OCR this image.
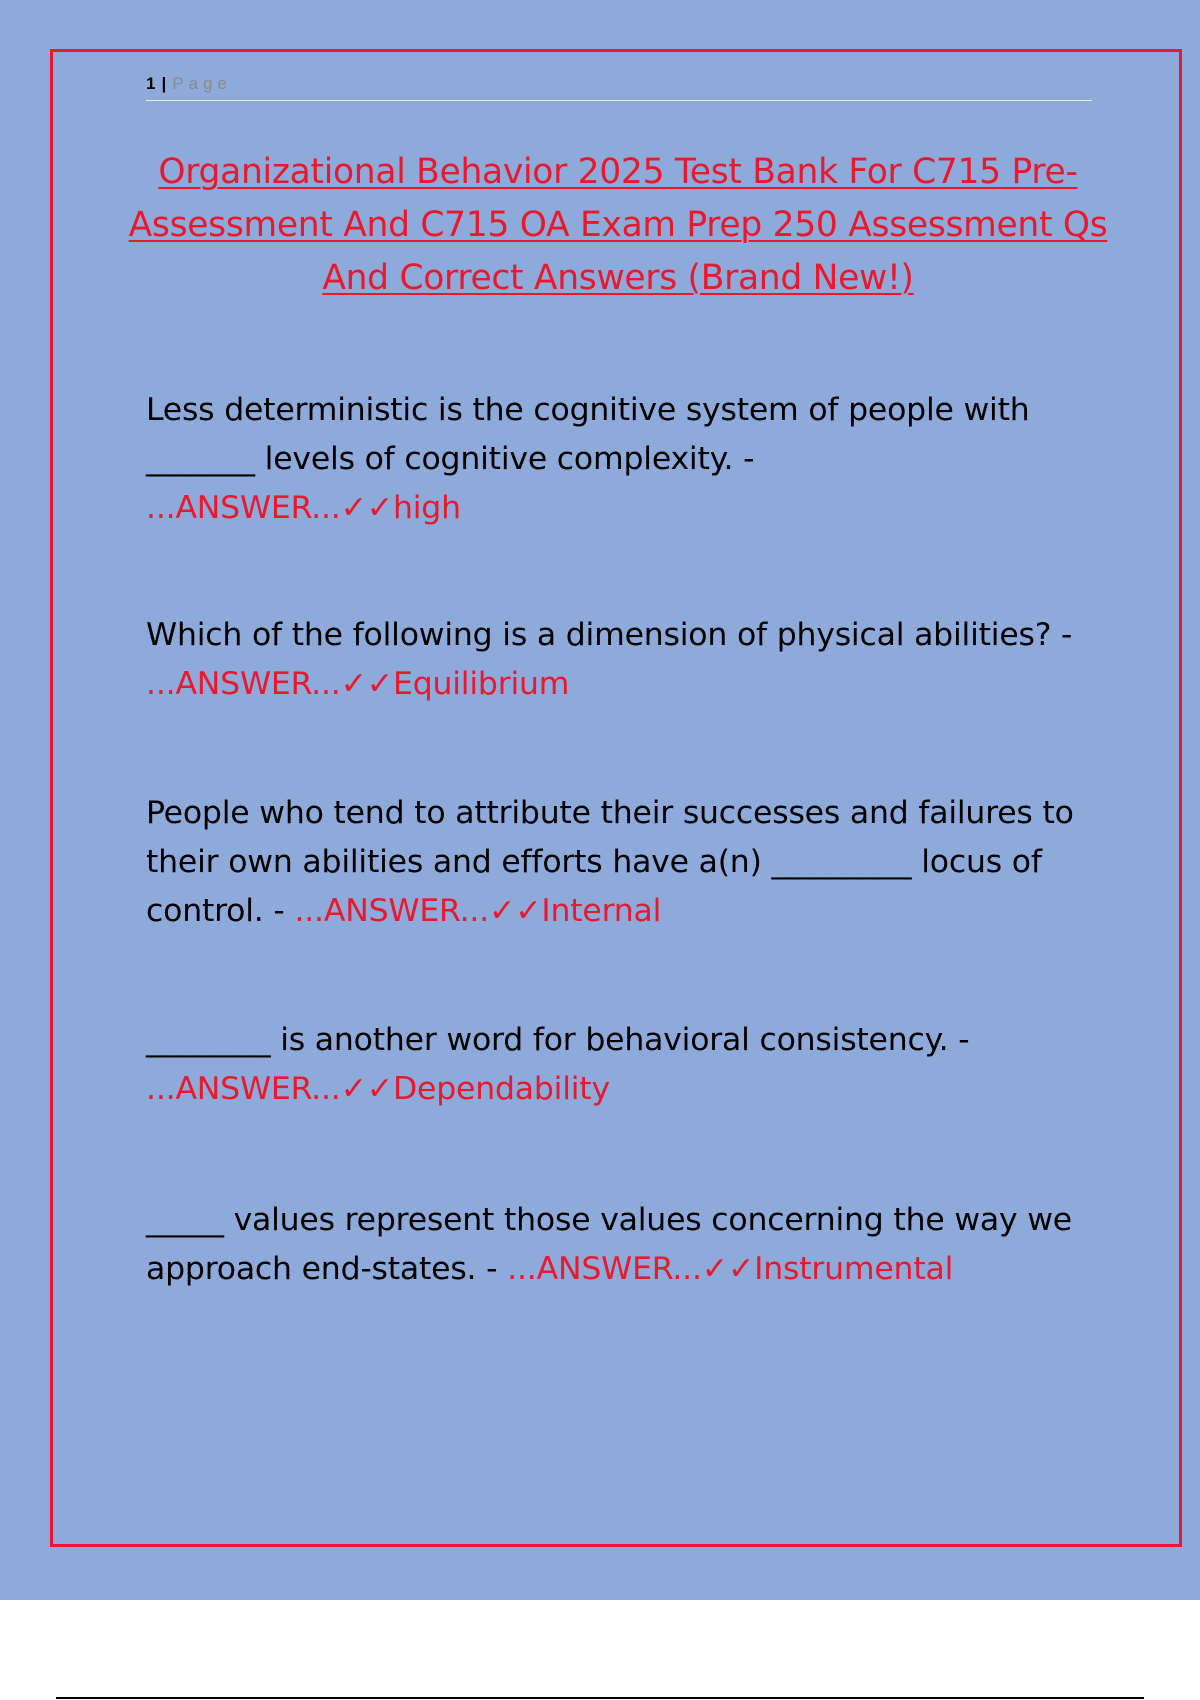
1 | Page
Organizational Behavior 2025 Test Bank For C715 Pre-Assessment And C715 OA Exam Prep 250 Assessment Qs And Correct Answers (Brand New!)
Less deterministic is the cognitive system of people with _______ levels of cognitive complexity. -
...ANSWER...✓✓high
Which of the following is a dimension of physical abilities? - ...ANSWER...✓✓Equilibrium
People who tend to attribute their successes and failures to their own abilities and efforts have a(n) _________ locus of control. - ...ANSWER...✓✓Internal
________ is another word for behavioral consistency. -
...ANSWER...✓✓Dependability
_____ values represent those values concerning the way we approach end-states. - ...ANSWER...✓✓Instrumental
